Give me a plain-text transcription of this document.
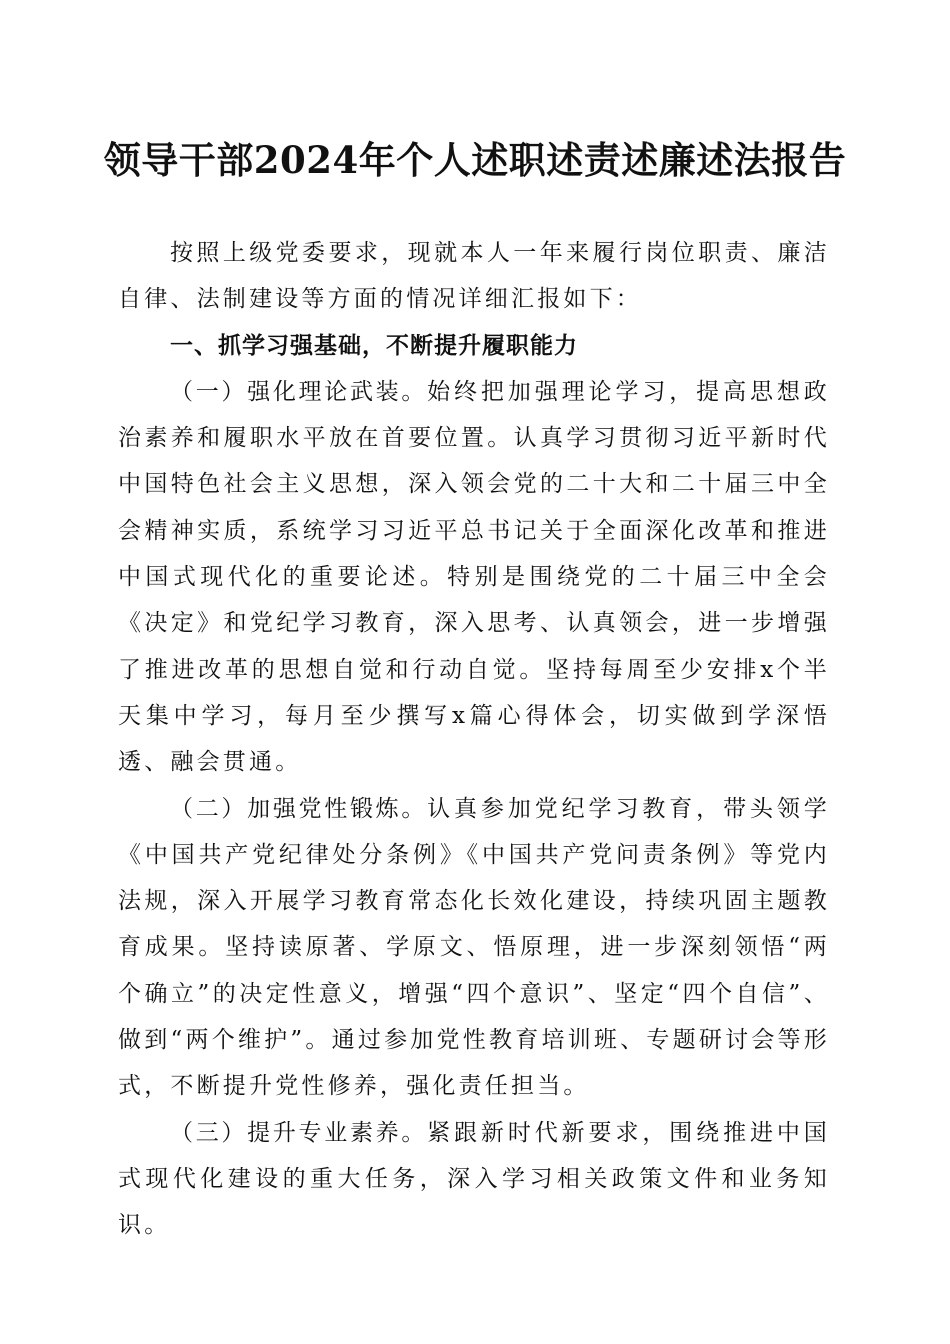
领导干部2024年个人述职述责述廉述法报告

按照上级党委要求，现就本人一年来履行岗位职责、廉洁自律、法制建设等方面的情况详细汇报如下：

一、抓学习强基础，不断提升履职能力

（一）强化理论武装。始终把加强理论学习，提高思想政治素养和履职水平放在首要位置。认真学习贯彻习近平新时代中国特色社会主义思想，深入领会党的二十大和二十届三中全会精神实质，系统学习习近平总书记关于全面深化改革和推进中国式现代化的重要论述。特别是围绕党的二十届三中全会《决定》和党纪学习教育，深入思考、认真领会，进一步增强了推进改革的思想自觉和行动自觉。坚持每周至少安排x个半天集中学习，每月至少撰写x篇心得体会，切实做到学深悟透、融会贯通。

（二）加强党性锻炼。认真参加党纪学习教育，带头领学《中国共产党纪律处分条例》《中国共产党问责条例》等党内法规，深入开展学习教育常态化长效化建设，持续巩固主题教育成果。坚持读原著、学原文、悟原理，进一步深刻领悟“两个确立”的决定性意义，增强“四个意识”、坚定“四个自信”、做到“两个维护”。通过参加党性教育培训班、专题研讨会等形式，不断提升党性修养，强化责任担当。

（三）提升专业素养。紧跟新时代新要求，围绕推进中国式现代化建设的重大任务，深入学习相关政策文件和业务知识。
